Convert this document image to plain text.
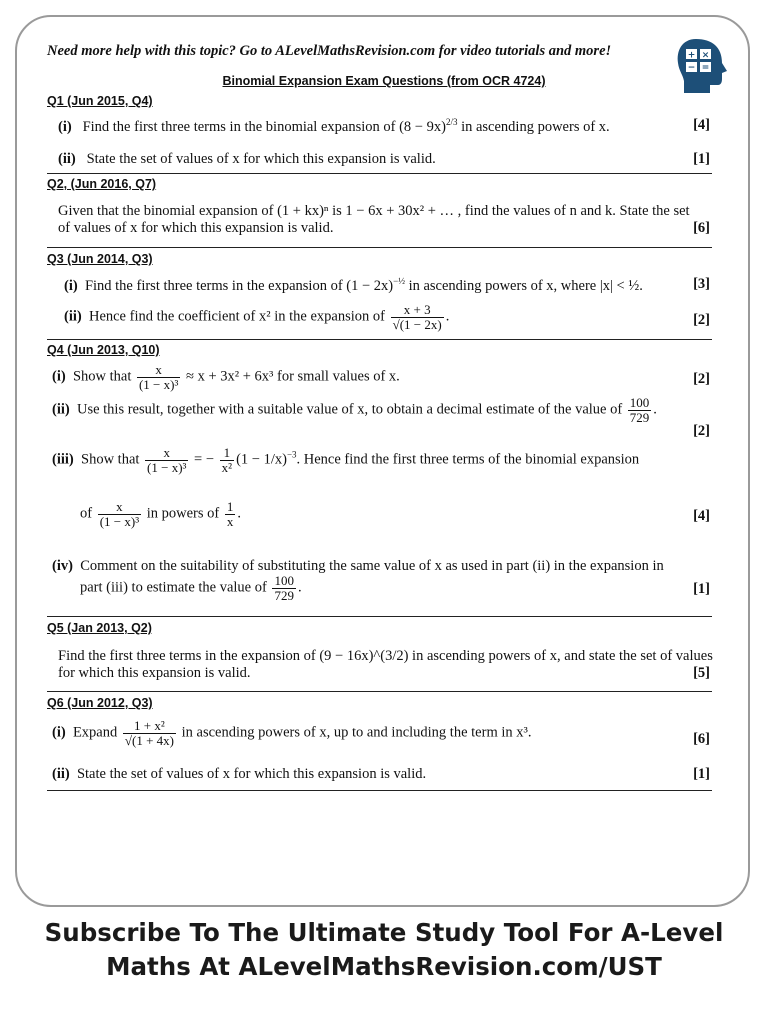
Need more help with this topic? Go to ALevelMathsRevision.com for video tutorials and more!	+ ×
− =
Binomial Expansion Exam Questions (from OCR 4724)
Q1 (Jun 2015, Q4)
(i) Find the first three terms in the binomial expansion of $(8 - 9x)^{2/3}$ in ascending powers of x.	[4]
(ii) State the set of values of x for which this expansion is valid.	[1]
Q2, (Jun 2016, Q7)
Given that the binomial expansion of (1 + kx)ⁿ is 1 − 6x + 30x² + … , find the values of n and k. State the set
of values of x for which this expansion is valid.	[6]
Q3 (Jun 2014, Q3)
(i) Find the first three terms in the expansion of $(1 - 2x)^{-\frac{1}{2}}$ in ascending powers of x, where |x| < ½.	[3]
(ii) Hence find the coefficient of x² in the expansion of $\frac{x + 3}{√(1 - 2x)}$ .	[2]
Q4 (Jun 2013, Q10)
(i) Show that $\frac{x}{\text{(1 − x)³}} \approx x + 3x^2 + 6x^3$ for small values of x.	[2]
(ii) Use this result, together with a suitable value of x, to obtain a decimal estimate of the value of $\frac{100}{729}$ .
[2]
(iii) Show that $\frac{x}{\text{(1 − x)³}}$ = − $\frac{1}{\text{x²}} (1 - 1/x)^{-3}$. Hence find the first three terms of the binomial expansion
of $\frac{x}{\text{(1 − x)³}}$ in powers of $\frac{1}{x}$ .	[4]
(iv) Comment on the suitability of substituting the same value of x as used in part (ii) in the expansion in
part (iii) to estimate the value of $\frac{100}{729}$ .	[1]
Q5 (Jan 2013, Q2)
Find the first three terms in the expansion of (9 − 16x)^(3/2) in ascending powers of x, and state the set of values
for which this expansion is valid.	[5]
Q6 (Jun 2012, Q3)
(i) Expand $\frac{\text{1 + x²}}{√(1 + 4x)}$ in ascending powers of x, up to and including the term in x³.	[6]
(ii) State the set of values of x for which this expansion is valid.	[1]
Subscribe To The Ultimate Study Tool For A-Level
Maths At ALevelMathsRevision.com/UST
